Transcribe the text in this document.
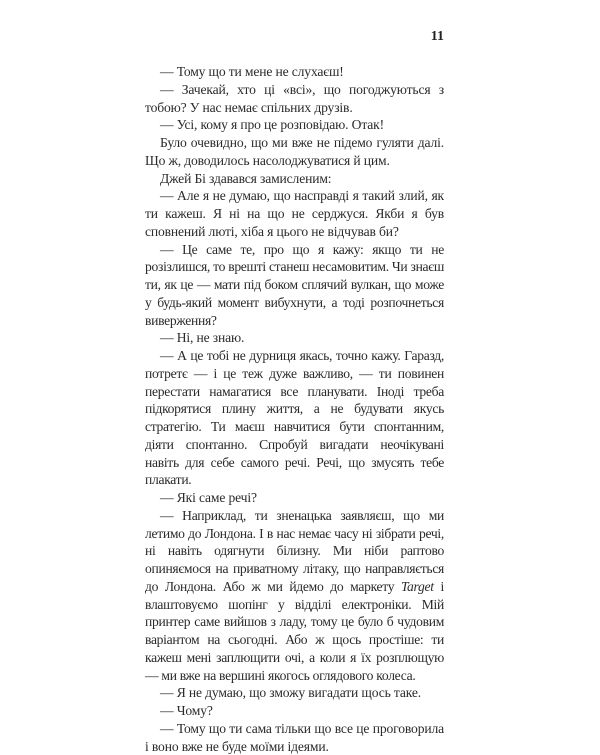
11

— Тому що ти мене не слухаєш!

— Зачекай, хто ці «всі», що погоджуються з тобою? У нас немає спільних друзів.

— Усі, кому я про це розповідаю. Отак!

Було очевидно, що ми вже не підемо гуляти далі. Що ж, доводилось насолоджуватися й цим.

Джей Бі здавався замисленим:

— Але я не думаю, що насправді я такий злий, як ти кажеш. Я ні на що не серджуся. Якби я був сповнений люті, хіба я цього не відчував би?

— Це саме те, про що я кажу: якщо ти не розізлишся, то врешті станеш несамовитим. Чи знаєш ти, як це — мати під боком сплячий вулкан, що може у будь-який момент вибухнути, а тоді розпочнеться виверження?

— Ні, не знаю.

— А це тобі не дурниця якась, точно кажу. Гаразд, потретє — і це теж дуже важливо, — ти повинен перестати намагатися все планувати. Іноді треба підкорятися плину життя, а не будувати якусь стратегію. Ти маєш навчитися бути спонтанним, діяти спонтанно. Спробуй вигадати неочікувані навіть для себе самого речі. Речі, що змусять тебе плакати.

— Які саме речі?

— Наприклад, ти зненацька заявляєш, що ми летимо до Лондона. І в нас немає часу ні зібрати речі, ні навіть одягнути білизну. Ми ніби раптово опиняємося на приватному літаку, що направляється до Лондона. Або ж ми йдемо до маркету Target і влаштовуємо шопінг у відділі електроніки. Мій принтер саме вийшов з ладу, тому це було б чудовим варіантом на сьогодні. Або ж щось простіше: ти кажеш мені заплющити очі, а коли я їх розплющую — ми вже на вершині якогось оглядового колеса.

— Я не думаю, що зможу вигадати щось таке.

— Чому?

— Тому що ти сама тільки що все це проговорила і воно вже не буде моїми ідеями.
